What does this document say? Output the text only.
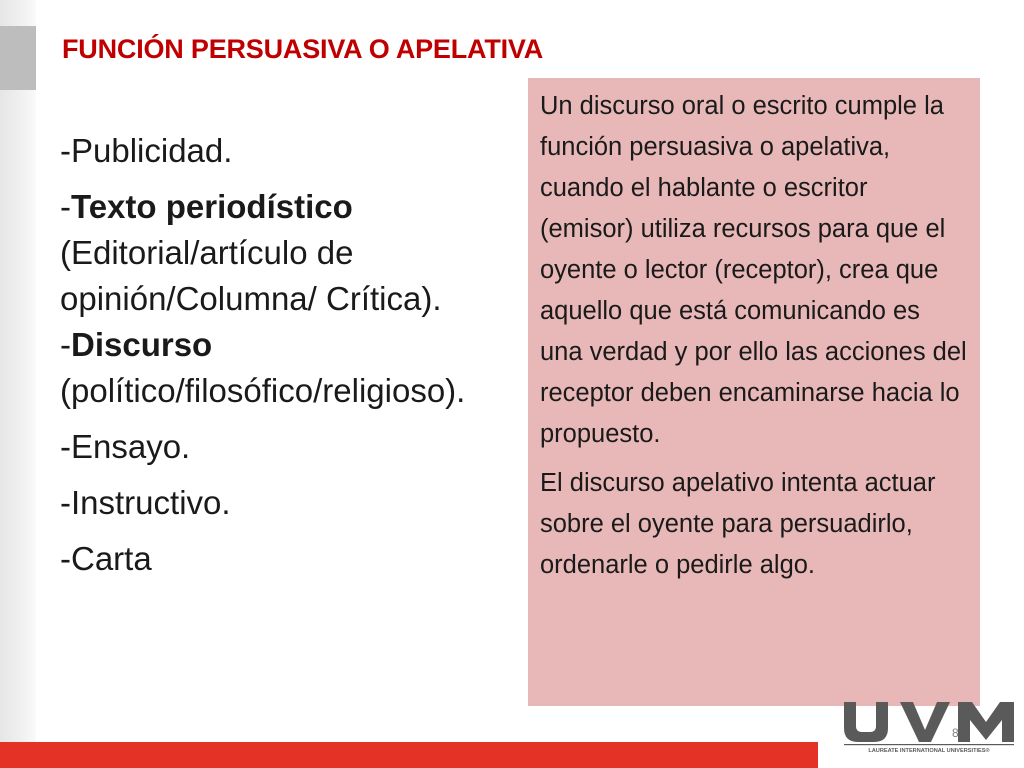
FUNCIÓN PERSUASIVA O APELATIVA
-Publicidad.
-Texto periodístico
(Editorial/artículo de opinión/Columna/ Crítica).
-Discurso
(político/filosófico/religioso).
-Ensayo.
-Instructivo.
-Carta

Un discurso oral o escrito cumple la función persuasiva o apelativa, cuando el hablante o escritor (emisor) utiliza recursos para que el oyente o lector (receptor), crea que aquello que está comunicando es una verdad y por ello las acciones del receptor deben encaminarse hacia lo propuesto.

El discurso apelativo intenta actuar sobre el oyente para persuadirlo, ordenarle o pedirle algo.

LAUREATE INTERNATIONAL UNIVERSITIES®
8
